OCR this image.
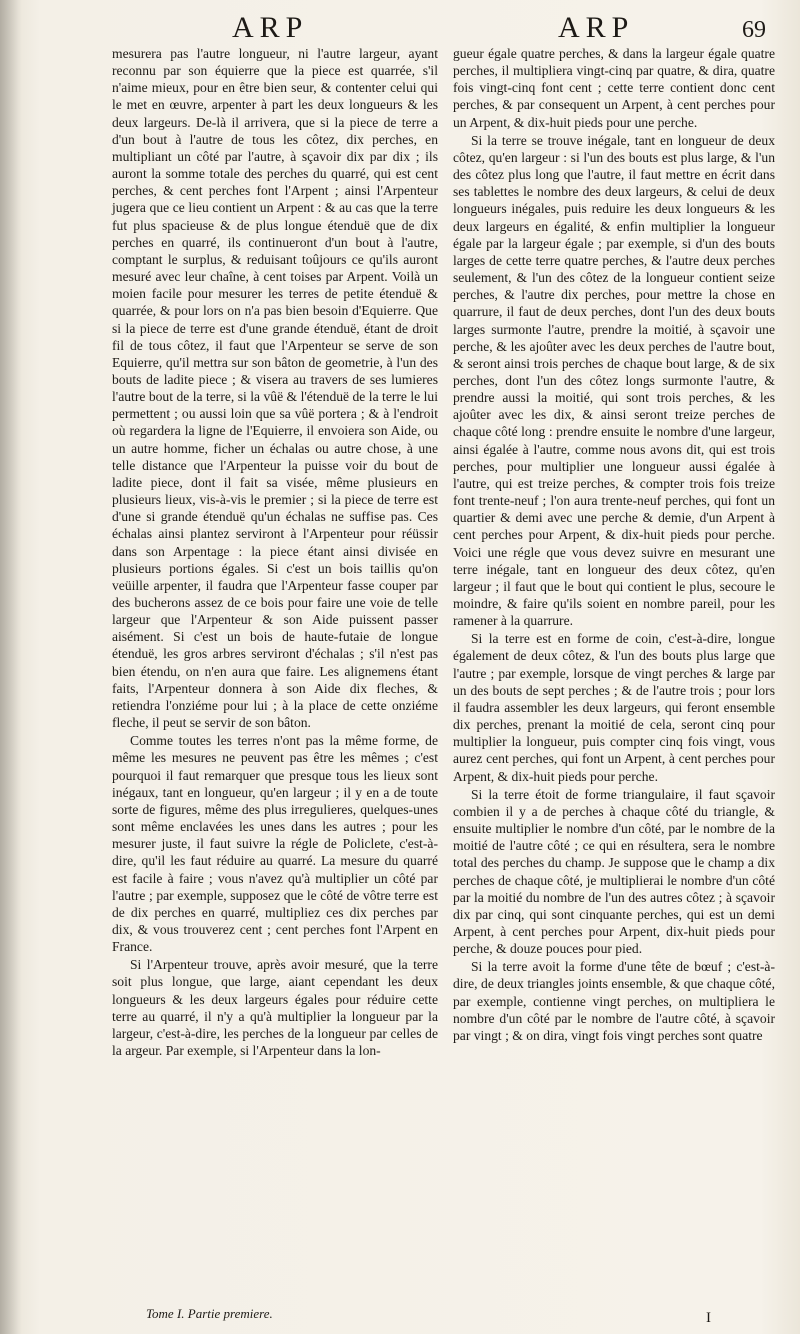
ARP	ARP	69

mesurera pas l'autre longueur, ni l'autre largeur, ayant reconnu par son équierre que la piece est quarrée, s'il n'aime mieux, pour en être bien seur, & contenter celui qui le met en œuvre, arpenter à part les deux longueurs & les deux largeurs. De-là il arrivera, que si la piece de terre a d'un bout à l'autre de tous les côtez, dix perches, en multipliant un côté par l'autre, à sçavoir dix par dix ; ils auront la somme totale des perches du quarré, qui est cent perches, & cent perches font l'Arpent ; ainsi l'Arpenteur jugera que ce lieu contient un Arpent : & au cas que la terre fut plus spacieuse & de plus longue étenduë que de dix perches en quarré, ils continueront d'un bout à l'autre, comptant le surplus, & reduisant toûjours ce qu'ils auront mesuré avec leur chaîne, à cent toises par Arpent. Voilà un moien facile pour mesurer les terres de petite étenduë & quarrée, & pour lors on n'a pas bien besoin d'Equierre. Que si la piece de terre est d'une grande étenduë, étant de droit fil de tous côtez, il faut que l'Arpenteur se serve de son Equierre, qu'il mettra sur son bâton de geometrie, à l'un des bouts de ladite piece ; & visera au travers de ses lumieres l'autre bout de la terre, si la vûë & l'étenduë de la terre le lui permettent ; ou aussi loin que sa vûë portera ; & à l'endroit où regardera la ligne de l'Equierre, il envoiera son Aide, ou un autre homme, ficher un échalas ou autre chose, à une telle distance que l'Arpenteur la puisse voir du bout de ladite piece, dont il fait sa visée, même plusieurs en plusieurs lieux, vis-à-vis le premier ; si la piece de terre est d'une si grande étenduë qu'un échalas ne suffise pas. Ces échalas ainsi plantez serviront à l'Arpenteur pour réüssir dans son Arpentage : la piece étant ainsi divisée en plusieurs portions égales. Si c'est un bois taillis qu'on veüille arpenter, il faudra que l'Arpenteur fasse couper par des bucherons assez de ce bois pour faire une voie de telle largeur que l'Arpenteur & son Aide puissent passer aisément. Si c'est un bois de haute-futaie de longue étenduë, les gros arbres serviront d'échalas ; s'il n'est pas bien étendu, on n'en aura que faire. Les alignemens étant faits, l'Arpenteur donnera à son Aide dix fleches, & retiendra l'onziéme pour lui ; à la place de cette onziéme fleche, il peut se servir de son bâton.

Comme toutes les terres n'ont pas la même forme, de même les mesures ne peuvent pas être les mêmes ; c'est pourquoi il faut remarquer que presque tous les lieux sont inégaux, tant en longueur, qu'en largeur ; il y en a de toute sorte de figures, même des plus irregulieres, quelques-unes sont même enclavées les unes dans les autres ; pour les mesurer juste, il faut suivre la régle de Policlete, c'est-à-dire, qu'il les faut réduire au quarré. La mesure du quarré est facile à faire ; vous n'avez qu'à multiplier un côté par l'autre ; par exemple, supposez que le côté de vôtre terre est de dix perches en quarré, multipliez ces dix perches par dix, & vous trouverez cent ; cent perches font l'Arpent en France.

Si l'Arpenteur trouve, après avoir mesuré, que la terre soit plus longue, que large, aiant cependant les deux longueurs & les deux largeurs égales pour réduire cette terre au quarré, il n'y a qu'à multiplier la longueur par la largeur, c'est-à-dire, les perches de la longueur par celles de la argeur. Par exemple, si l'Arpenteur dans la lon-

gueur égale quatre perches, & dans la largeur égale quatre perches, il multipliera vingt-cinq par quatre, & dira, quatre fois vingt-cinq font cent ; cette terre contient donc cent perches, & par consequent un Arpent, à cent perches pour un Arpent, & dix-huit pieds pour une perche.

Si la terre se trouve inégale, tant en longueur de deux côtez, qu'en largeur : si l'un des bouts est plus large, & l'un des côtez plus long que l'autre, il faut mettre en écrit dans ses tablettes le nombre des deux largeurs, & celui de deux longueurs inégales, puis reduire les deux longueurs & les deux largeurs en égalité, & enfin multiplier la longueur égale par la largeur égale ; par exemple, si d'un des bouts larges de cette terre quatre perches, & l'autre deux perches seulement, & l'un des côtez de la longueur contient seize perches, & l'autre dix perches, pour mettre la chose en quarrure, il faut de deux perches, dont l'un des deux bouts larges surmonte l'autre, prendre la moitié, à sçavoir une perche, & les ajoûter avec les deux perches de l'autre bout, & seront ainsi trois perches de chaque bout large, & de six perches, dont l'un des côtez longs surmonte l'autre, & prendre aussi la moitié, qui sont trois perches, & les ajoûter avec les dix, & ainsi seront treize perches de chaque côté long : prendre ensuite le nombre d'une largeur, ainsi égalée à l'autre, comme nous avons dit, qui est trois perches, pour multiplier une longueur aussi égalée à l'autre, qui est treize perches, & compter trois fois treize font trente-neuf ; l'on aura trente-neuf perches, qui font un quartier & demi avec une perche & demie, d'un Arpent à cent perches pour Arpent, & dix-huit pieds pour perche. Voici une régle que vous devez suivre en mesurant une terre inégale, tant en longueur des deux côtez, qu'en largeur ; il faut que le bout qui contient le plus, secoure le moindre, & faire qu'ils soient en nombre pareil, pour les ramener à la quarrure.

Si la terre est en forme de coin, c'est-à-dire, longue également de deux côtez, & l'un des bouts plus large que l'autre ; par exemple, lorsque de vingt perches & large par un des bouts de sept perches ; & de l'autre trois ; pour lors il faudra assembler les deux largeurs, qui feront ensemble dix perches, prenant la moitié de cela, seront cinq pour multiplier la longueur, puis compter cinq fois vingt, vous aurez cent perches, qui font un Arpent, à cent perches pour Arpent, & dix-huit pieds pour perche.

Si la terre étoit de forme triangulaire, il faut sçavoir combien il y a de perches à chaque côté du triangle, & ensuite multiplier le nombre d'un côté, par le nombre de la moitié de l'autre côté ; ce qui en résultera, sera le nombre total des perches du champ. Je suppose que le champ a dix perches de chaque côté, je multiplierai le nombre d'un côté par la moitié du nombre de l'un des autres côtez ; à sçavoir dix par cinq, qui sont cinquante perches, qui est un demi Arpent, à cent perches pour Arpent, dix-huit pieds pour perche, & douze pouces pour pied.

Si la terre avoit la forme d'une tête de bœuf ; c'est-à-dire, de deux triangles joints ensemble, & que chaque côté, par exemple, contienne vingt perches, on multipliera le nombre d'un côté par le nombre de l'autre côté, à sçavoir par vingt ; & on dira, vingt fois vingt perches sont quatre

Tome I. Partie premiere.	I
